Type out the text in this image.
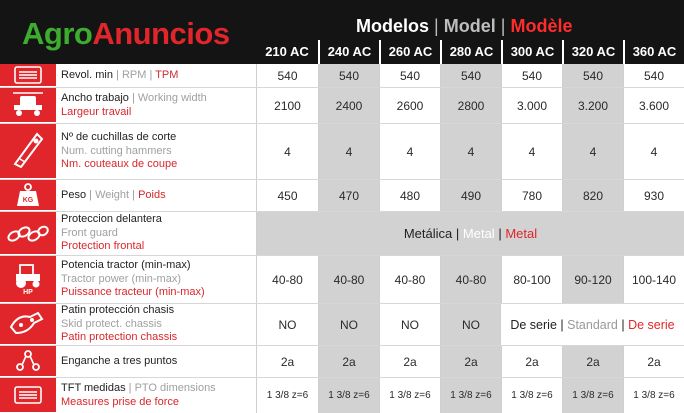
AgroAnuncios	Modelos | Model | Modèle
210 AC	240 AC	260 AC	280 AC	300 AC	320 AC	360 AC
Revol. min | RPM | TPM	540	540	540	540	540	540	540
Ancho trabajo | Working width
Largeur travail	2100	2400	2600	2800	3.000	3.200	3.600
Nº de cuchillas de corte
Num. cutting hammers
Nm. couteaux de coupe
4	4	4	4	4	4	4
KG	Peso | Weight | Poids	450	470	480	490	780	820	930
Proteccion delantera
Front guard
Protection frontal
Metálica
|
Metal
|
Metal
HP
Potencia tractor (min-max)
Tractor power (min-max)
Puissance tracteur (min-max)
40-80	40-80	40-80	40-80	80-100	90-120	100-140
Patin protección chasis
Skid protect. chassis
Patin protection chassis
NO	NO	NO	NO	De serie
|
Standard
|
De serie
Enganche a tres puntos	2a	2a	2a	2a	2a	2a	2a
TFT medidas | PTO dimensions
Measures prise de force	1 3/8 z=6	1 3/8 z=6	1 3/8 z=6	1 3/8 z=6	1 3/8 z=6	1 3/8 z=6	1 3/8 z=6
